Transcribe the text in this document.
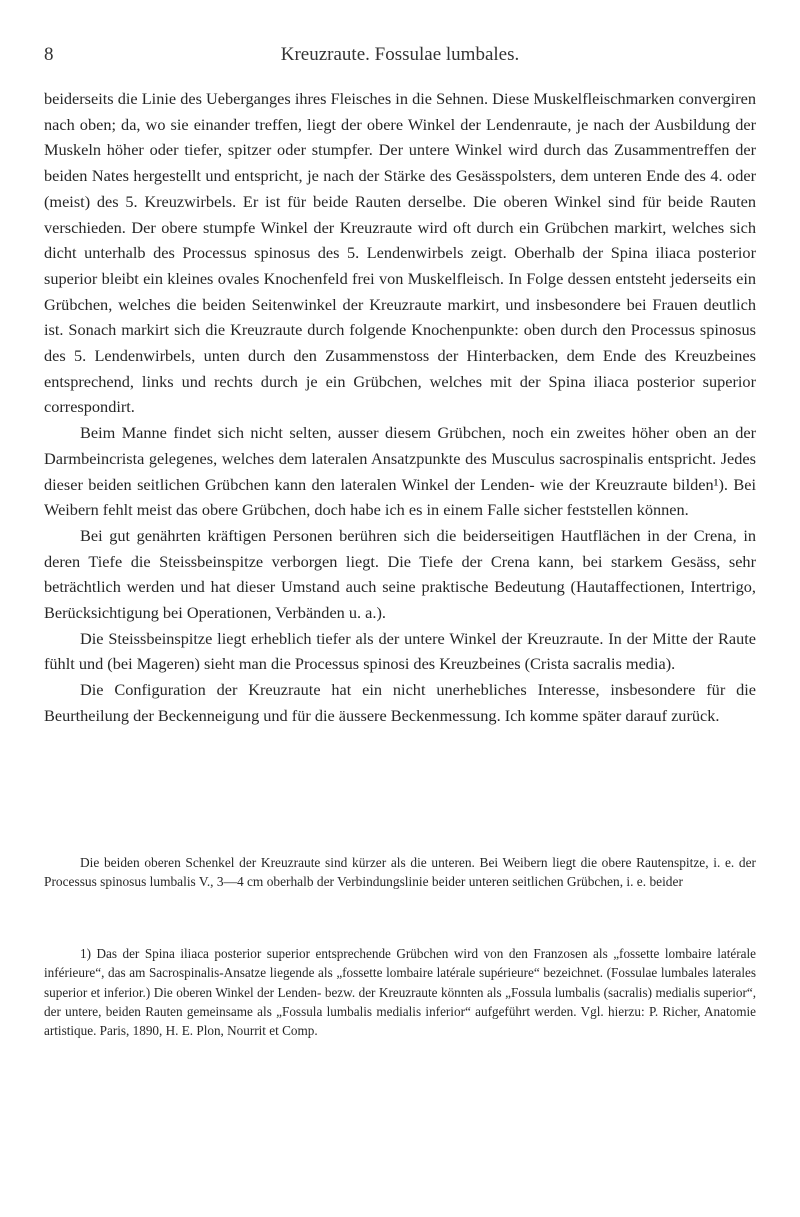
8	Kreuzraute. Fossulae lumbales.

beiderseits die Linie des Ueberganges ihres Fleisches in die Sehnen. Diese Muskelfleischmarken convergiren nach oben; da, wo sie einander treffen, liegt der obere Winkel der Lendenraute, je nach der Ausbildung der Muskeln höher oder tiefer, spitzer oder stumpfer. Der untere Winkel wird durch das Zusammentreffen der beiden Nates hergestellt und entspricht, je nach der Stärke des Gesässpolsters, dem unteren Ende des 4. oder (meist) des 5. Kreuzwirbels. Er ist für beide Rauten derselbe. Die oberen Winkel sind für beide Rauten verschieden. Der obere stumpfe Winkel der Kreuzraute wird oft durch ein Grübchen markirt, welches sich dicht unterhalb des Processus spinosus des 5. Lendenwirbels zeigt. Oberhalb der Spina iliaca posterior superior bleibt ein kleines ovales Knochenfeld frei von Muskelfleisch. In Folge dessen entsteht jederseits ein Grübchen, welches die beiden Seitenwinkel der Kreuzraute markirt, und insbesondere bei Frauen deutlich ist. Sonach markirt sich die Kreuzraute durch folgende Knochenpunkte: oben durch den Processus spinosus des 5. Lendenwirbels, unten durch den Zusammenstoss der Hinterbacken, dem Ende des Kreuzbeines entsprechend, links und rechts durch je ein Grübchen, welches mit der Spina iliaca posterior superior correspondirt.

Beim Manne findet sich nicht selten, ausser diesem Grübchen, noch ein zweites höher oben an der Darmbeincrista gelegenes, welches dem lateralen Ansatzpunkte des Musculus sacrospinalis entspricht. Jedes dieser beiden seitlichen Grübchen kann den lateralen Winkel der Lenden- wie der Kreuzraute bilden¹). Bei Weibern fehlt meist das obere Grübchen, doch habe ich es in einem Falle sicher feststellen können.

Bei gut genährten kräftigen Personen berühren sich die beiderseitigen Hautflächen in der Crena, in deren Tiefe die Steissbeinspitze verborgen liegt. Die Tiefe der Crena kann, bei starkem Gesäss, sehr beträchtlich werden und hat dieser Umstand auch seine praktische Bedeutung (Hautaffectionen, Intertrigo, Berücksichtigung bei Operationen, Verbänden u. a.).

Die Steissbeinspitze liegt erheblich tiefer als der untere Winkel der Kreuzraute. In der Mitte der Raute fühlt und (bei Mageren) sieht man die Processus spinosi des Kreuzbeines (Crista sacralis media).

Die Configuration der Kreuzraute hat ein nicht unerhebliches Interesse, insbesondere für die Beurtheilung der Beckenneigung und für die äussere Beckenmessung. Ich komme später darauf zurück.

Die beiden oberen Schenkel der Kreuzraute sind kürzer als die unteren. Bei Weibern liegt die obere Rautenspitze, i. e. der Processus spinosus lumbalis V., 3—4 cm oberhalb der Verbindungslinie beider unteren seitlichen Grübchen, i. e. beider

1) Das der Spina iliaca posterior superior entsprechende Grübchen wird von den Franzosen als „fossette lombaire latérale inférieure“, das am Sacrospinalis-Ansatze liegende als „fossette lombaire latérale supérieure“ bezeichnet. (Fossulae lumbales laterales superior et inferior.) Die oberen Winkel der Lenden- bezw. der Kreuzraute könnten als „Fossula lumbalis (sacralis) medialis superior“, der untere, beiden Rauten gemeinsame als „Fossula lumbalis medialis inferior“ aufgeführt werden. Vgl. hierzu: P. Richer, Anatomie artistique. Paris, 1890, H. E. Plon, Nourrit et Comp.
